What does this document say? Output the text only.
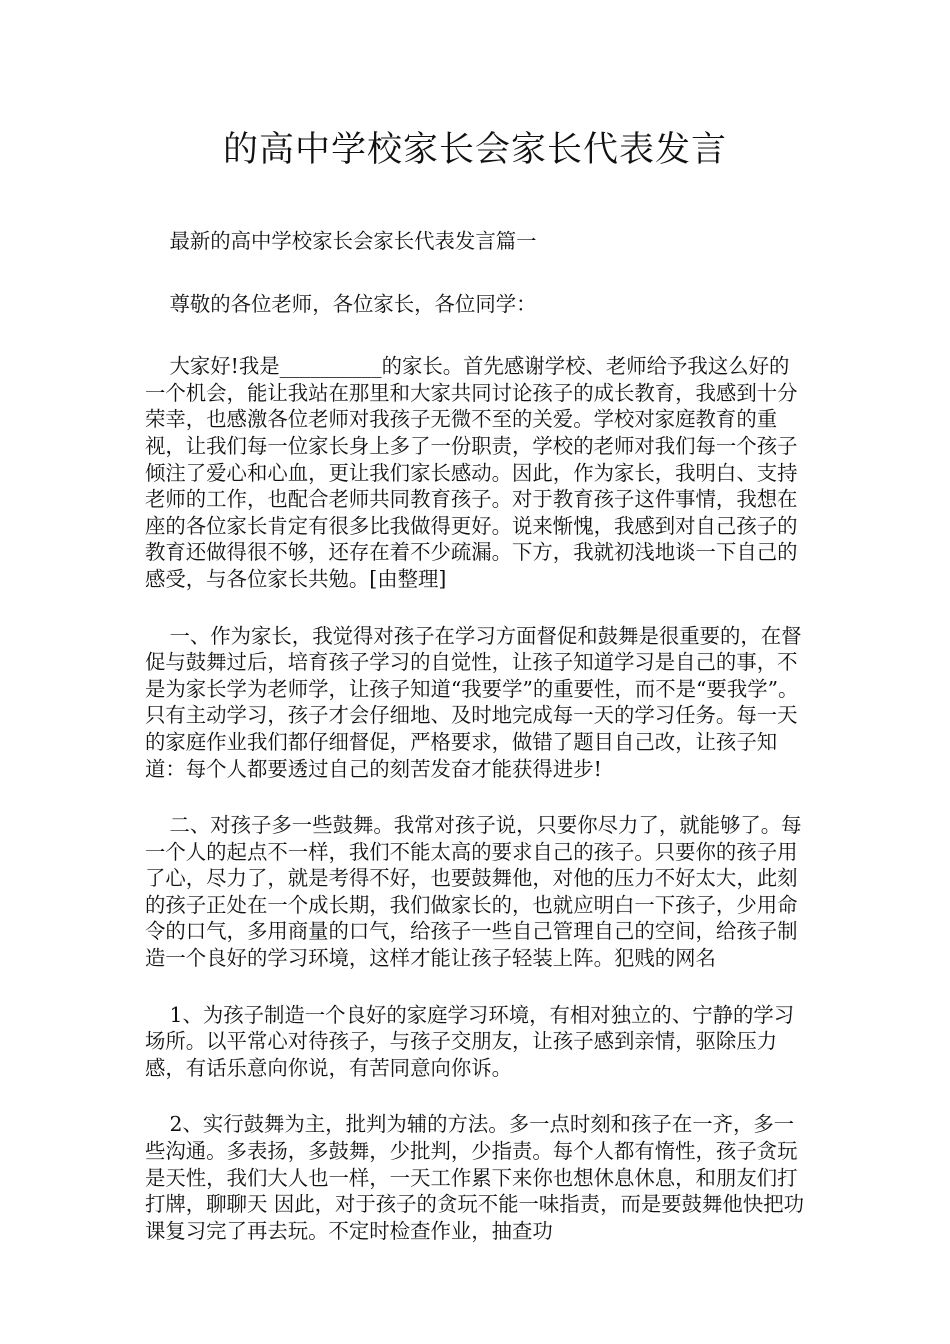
的高中学校家长会家长代表发言

最新的高中学校家长会家长代表发言篇一

尊敬的各位老师，各位家长，各位同学：

大家好!我是__________的家长。首先感谢学校、老师给予我这么好的一个机会，能让我站在那里和大家共同讨论孩子的成长教育，我感到十分荣幸，也感激各位老师对我孩子无微不至的关爱。学校对家庭教育的重视，让我们每一位家长身上多了一份职责，学校的老师对我们每一个孩子倾注了爱心和心血，更让我们家长感动。因此，作为家长，我明白、支持老师的工作，也配合老师共同教育孩子。对于教育孩子这件事情，我想在座的各位家长肯定有很多比我做得更好。说来惭愧，我感到对自己孩子的教育还做得很不够，还存在着不少疏漏。下方，我就初浅地谈一下自己的感受，与各位家长共勉。[由整理]

一、作为家长，我觉得对孩子在学习方面督促和鼓舞是很重要的，在督促与鼓舞过后，培育孩子学习的自觉性，让孩子知道学习是自己的事，不是为家长学为老师学，让孩子知道“我要学”的重要性，而不是“要我学”。只有主动学习，孩子才会仔细地、及时地完成每一天的学习任务。每一天的家庭作业我们都仔细督促，严格要求，做错了题目自己改，让孩子知道：每个人都要透过自己的刻苦发奋才能获得进步!

二、对孩子多一些鼓舞。我常对孩子说，只要你尽力了，就能够了。每一个人的起点不一样，我们不能太高的要求自己的孩子。只要你的孩子用了心，尽力了，就是考得不好，也要鼓舞他，对他的压力不好太大，此刻的孩子正处在一个成长期，我们做家长的，也就应明白一下孩子，少用命令的口气，多用商量的口气，给孩子一些自己管理自己的空间，给孩子制造一个良好的学习环境，这样才能让孩子轻装上阵。犯贱的网名

1、为孩子制造一个良好的家庭学习环境，有相对独立的、宁静的学习场所。以平常心对待孩子，与孩子交朋友，让孩子感到亲情，驱除压力感，有话乐意向你说，有苦同意向你诉。

2、实行鼓舞为主，批判为辅的方法。多一点时刻和孩子在一齐，多一些沟通。多表扬，多鼓舞，少批判，少指责。每个人都有惰性，孩子贪玩是天性，我们大人也一样，一天工作累下来你也想休息休息，和朋友们打打牌，聊聊天 因此，对于孩子的贪玩不能一味指责，而是要鼓舞他快把功课复习完了再去玩。不定时检查作业，抽查功
